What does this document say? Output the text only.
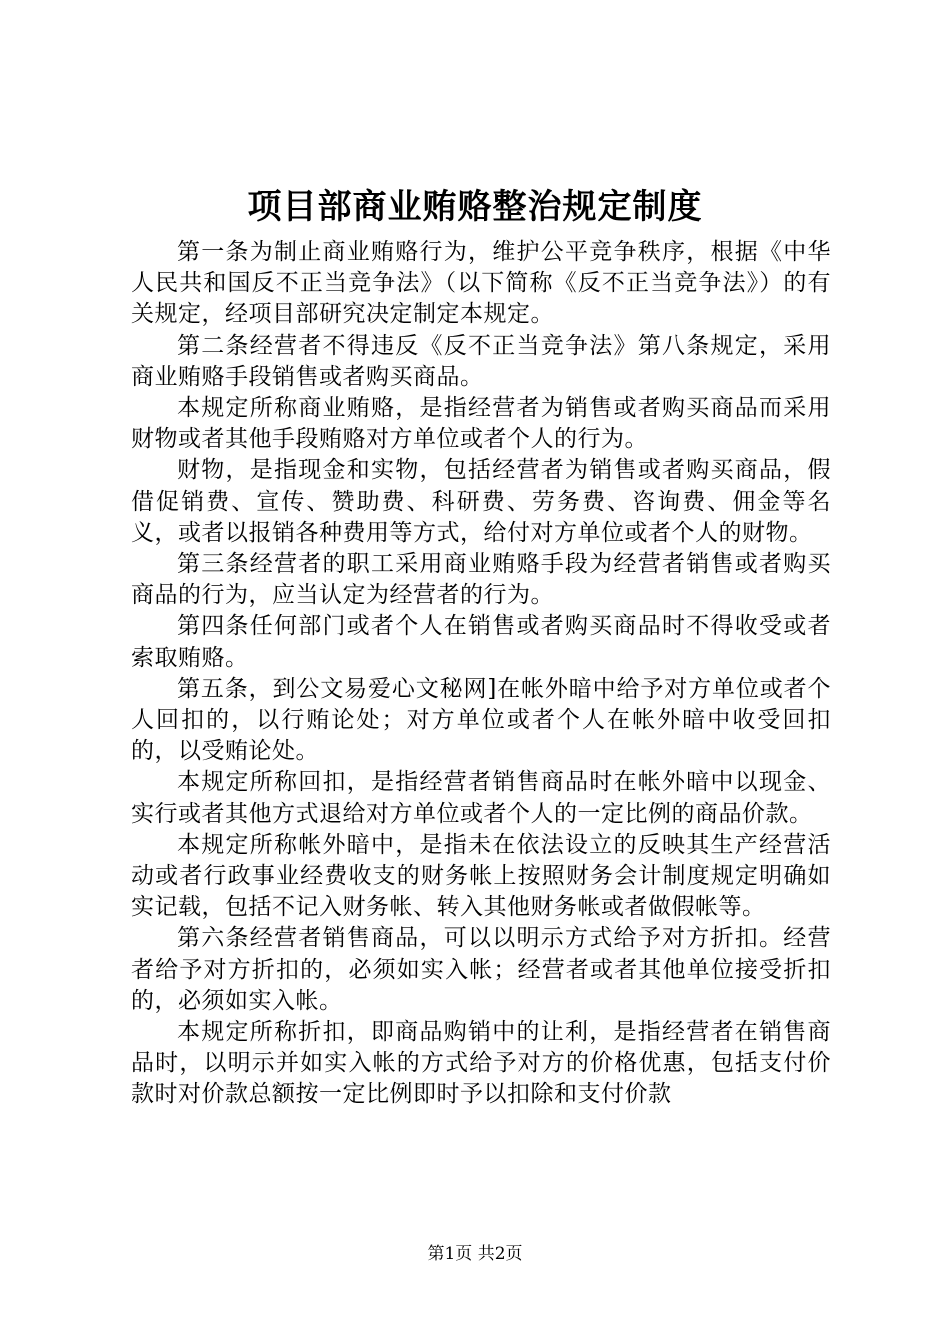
项目部商业贿赂整治规定制度

第一条为制止商业贿赂行为，维护公平竞争秩序，根据《中华人民共和国反不正当竞争法》（以下简称《反不正当竞争法》）的有关规定，经项目部研究决定制定本规定。

第二条经营者不得违反《反不正当竞争法》第八条规定，采用商业贿赂手段销售或者购买商品。

本规定所称商业贿赂，是指经营者为销售或者购买商品而采用财物或者其他手段贿赂对方单位或者个人的行为。

财物，是指现金和实物，包括经营者为销售或者购买商品，假借促销费、宣传、赞助费、科研费、劳务费、咨询费、佣金等名义，或者以报销各种费用等方式，给付对方单位或者个人的财物。

第三条经营者的职工采用商业贿赂手段为经营者销售或者购买商品的行为，应当认定为经营者的行为。

第四条任何部门或者个人在销售或者购买商品时不得收受或者索取贿赂。

第五条，到公文易爱心文秘网]在帐外暗中给予对方单位或者个人回扣的，以行贿论处；对方单位或者个人在帐外暗中收受回扣的，以受贿论处。

本规定所称回扣，是指经营者销售商品时在帐外暗中以现金、实行或者其他方式退给对方单位或者个人的一定比例的商品价款。

本规定所称帐外暗中，是指未在依法设立的反映其生产经营活动或者行政事业经费收支的财务帐上按照财务会计制度规定明确如实记载，包括不记入财务帐、转入其他财务帐或者做假帐等。

第六条经营者销售商品，可以以明示方式给予对方折扣。经营者给予对方折扣的，必须如实入帐；经营者或者其他单位接受折扣的，必须如实入帐。

本规定所称折扣，即商品购销中的让利，是指经营者在销售商品时，以明示并如实入帐的方式给予对方的价格优惠，包括支付价款时对价款总额按一定比例即时予以扣除和支付价款

第1页 共2页
